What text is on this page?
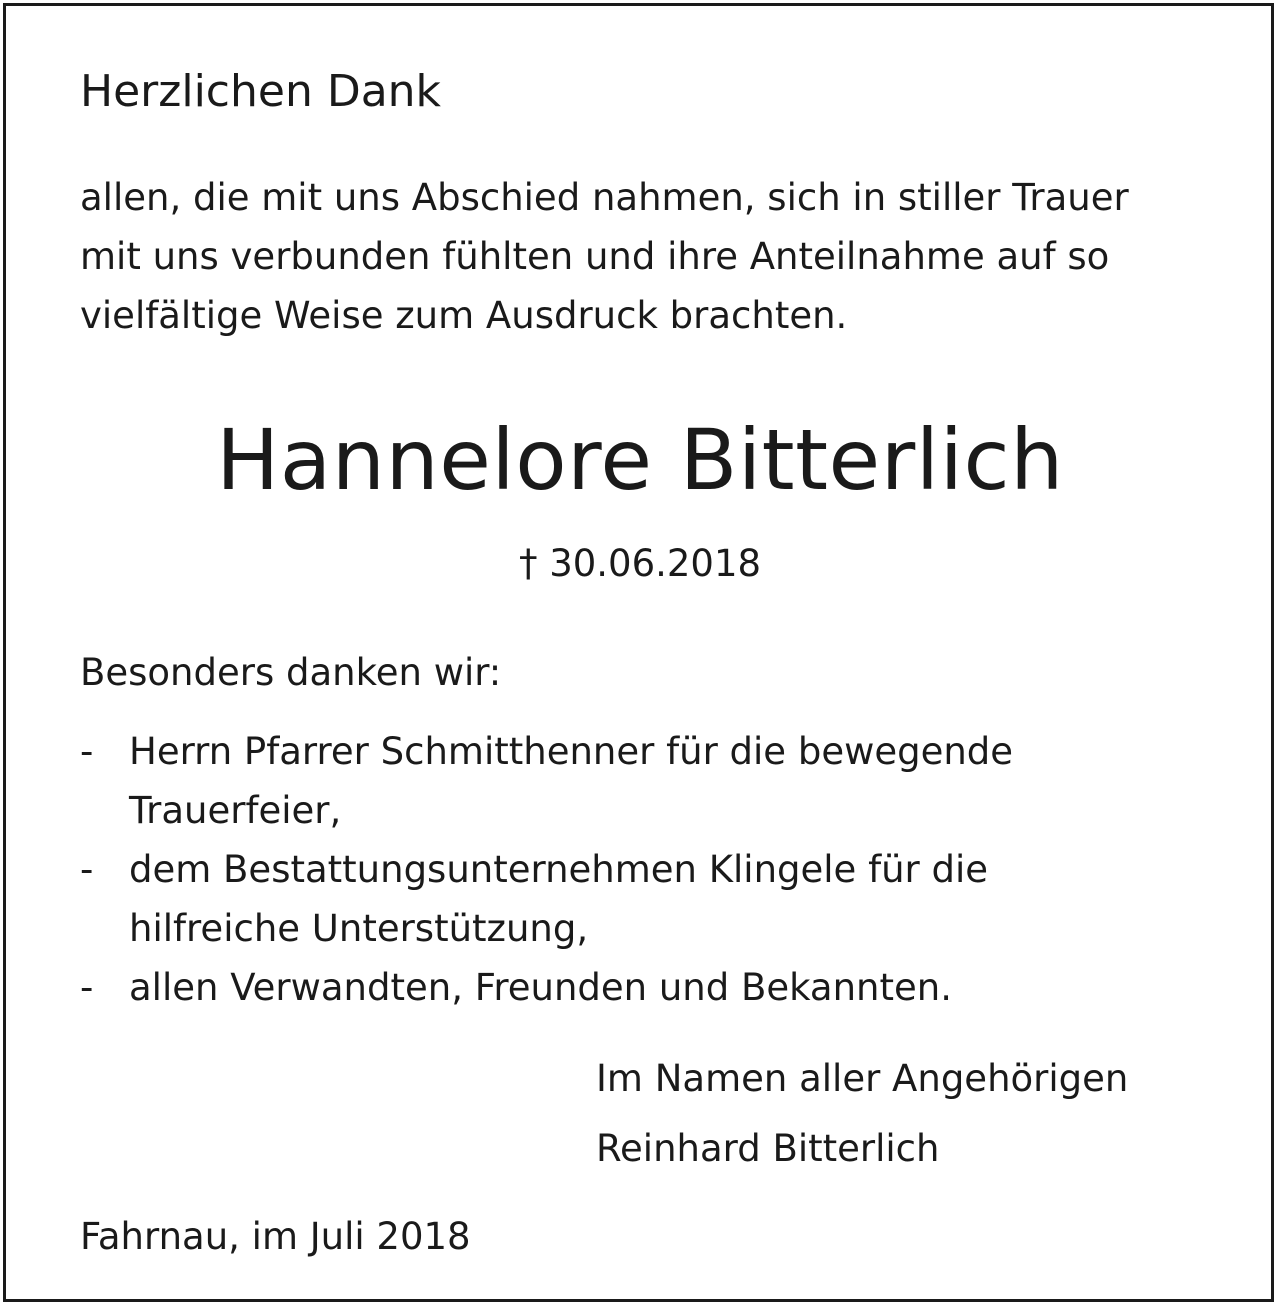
Herzlichen Dank

allen, die mit uns Abschied nahmen, sich in stiller Trauer
mit uns verbunden fühlten und ihre Anteilnahme auf so
vielfältige Weise zum Ausdruck brachten.

Hannelore Bitterlich

† 30.06.2018

Besonders danken wir:

- Herrn Pfarrer Schmitthenner für die bewegende
Trauerfeier,
- dem Bestattungsunternehmen Klingele für die
hilfreiche Unterstützung,
- allen Verwandten, Freunden und Bekannten.

Im Namen aller Angehörigen

Reinhard Bitterlich

Fahrnau, im Juli 2018
